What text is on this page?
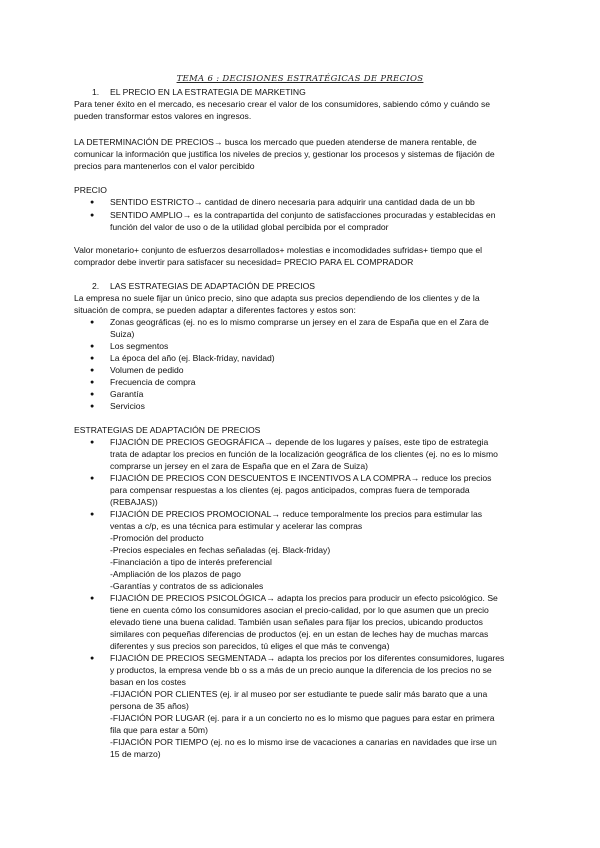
TEMA 6 : DECISIONES ESTRATÉGICAS DE PRECIOS
1. EL PRECIO EN LA ESTRATEGIA DE MARKETING
Para tener éxito en el mercado, es necesario crear el valor de los consumidores, sabiendo cómo y cuándo se
pueden transformar estos valores en ingresos.
LA DETERMINACIÓN DE PRECIOS→ busca los mercado que pueden atenderse de manera rentable, de
comunicar la información que justifica los niveles de precios y, gestionar los procesos y sistemas de fijación de
precios para mantenerlos con el valor percibido
PRECIO
● SENTIDO ESTRICTO→ cantidad de dinero necesaria para adquirir una cantidad dada de un bb
● SENTIDO AMPLIO→ es la contrapartida del conjunto de satisfacciones procuradas y establecidas en
función del valor de uso o de la utilidad global percibida por el comprador
Valor monetario+ conjunto de esfuerzos desarrollados+ molestias e incomodidades sufridas+ tiempo que el
comprador debe invertir para satisfacer su necesidad= PRECIO PARA EL COMPRADOR
2. LAS ESTRATEGIAS DE ADAPTACIÓN DE PRECIOS
La empresa no suele fijar un único precio, sino que adapta sus precios dependiendo de los clientes y de la
situación de compra, se pueden adaptar a diferentes factores y estos son:
● Zonas geográficas (ej. no es lo mismo comprarse un jersey en el zara de España que en el Zara de
Suiza)
● Los segmentos
● La época del año (ej. Black-friday, navidad)
● Volumen de pedido
● Frecuencia de compra
● Garantía
● Servicios
ESTRATEGIAS DE ADAPTACIÓN DE PRECIOS
● FIJACIÓN DE PRECIOS GEOGRÁFICA→ depende de los lugares y países, este tipo de estrategia
trata de adaptar los precios en función de la localización geográfica de los clientes (ej. no es lo mismo
comprarse un jersey en el zara de España que en el Zara de Suiza)
● FIJACIÓN DE PRECIOS CON DESCUENTOS E INCENTIVOS A LA COMPRA→ reduce los precios
para compensar respuestas a los clientes (ej. pagos anticipados, compras fuera de temporada
(REBAJAS))
● FIJACIÓN DE PRECIOS PROMOCIONAL→ reduce temporalmente los precios para estimular las
ventas a c/p, es una técnica para estimular y acelerar las compras
-Promoción del producto
-Precios especiales en fechas señaladas (ej. Black-friday)
-Financiación a tipo de interés preferencial
-Ampliación de los plazos de pago
-Garantías y contratos de ss adicionales
● FIJACIÓN DE PRECIOS PSICOLÓGICA→ adapta los precios para producir un efecto psicológico. Se
tiene en cuenta cómo los consumidores asocian el precio-calidad, por lo que asumen que un precio
elevado tiene una buena calidad. También usan señales para fijar los precios, ubicando productos
similares con pequeñas diferencias de productos (ej. en un estan de leches hay de muchas marcas
diferentes y sus precios son parecidos, tú eliges el que más te convenga)
● FIJACIÓN DE PRECIOS SEGMENTADA→ adapta los precios por los diferentes consumidores, lugares
y productos, la empresa vende bb o ss a más de un precio aunque la diferencia de los precios no se
basan en los costes
-FIJACIÓN POR CLIENTES (ej. ir al museo por ser estudiante te puede salir más barato que a una
persona de 35 años)
-FIJACIÓN POR LUGAR (ej. para ir a un concierto no es lo mismo que pagues para estar en primera
fila que para estar a 50m)
-FIJACIÓN POR TIEMPO (ej. no es lo mismo irse de vacaciones a canarias en navidades que irse un
15 de marzo)
